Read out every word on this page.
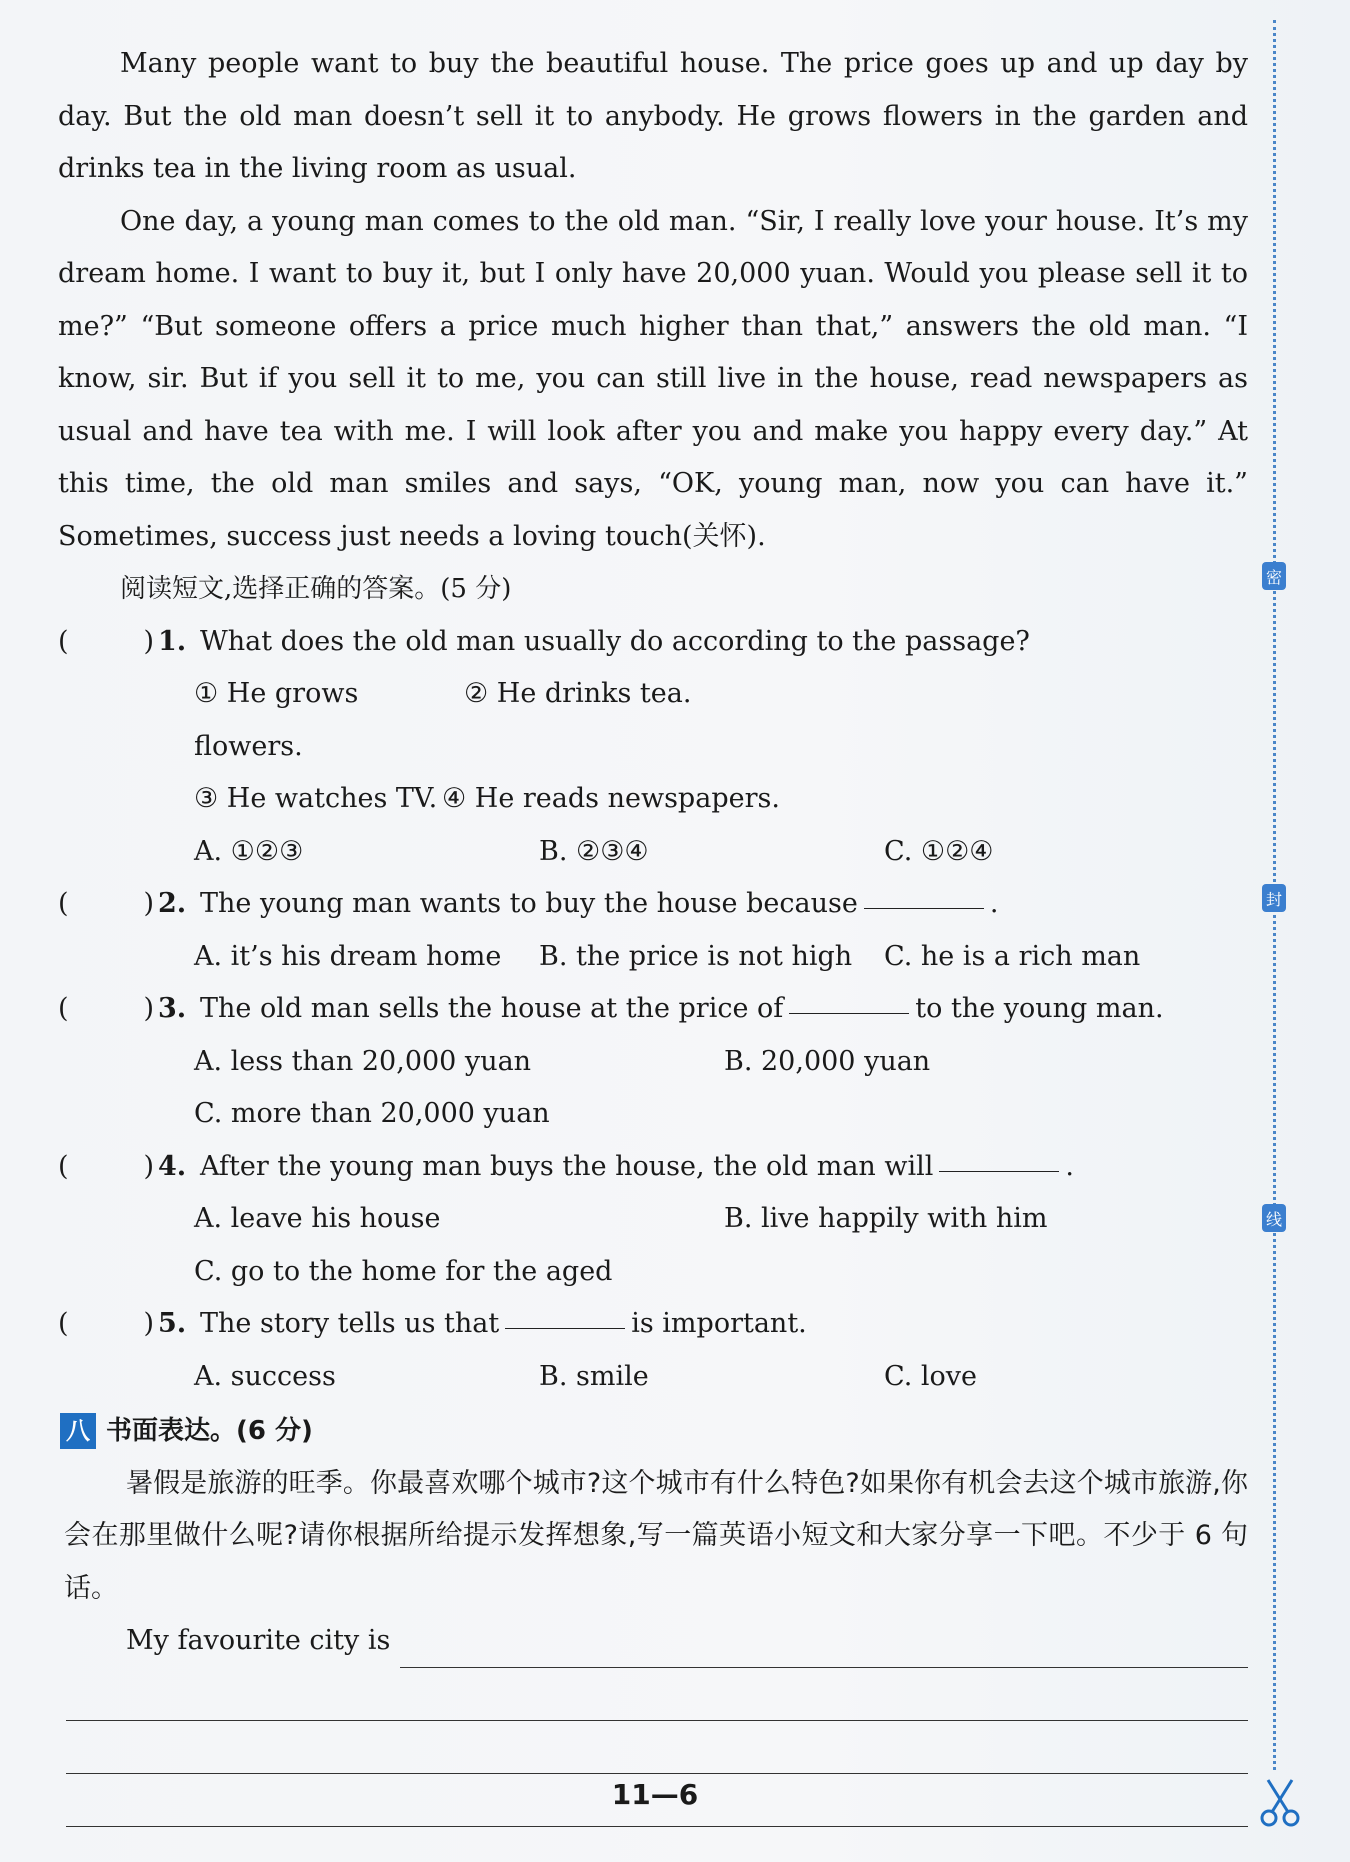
密
封
线

Many people want to buy the beautiful house. The price goes up and up day by day. But the old man doesn’t sell it to anybody. He grows flowers in the garden and drinks tea in the living room as usual.

One day, a young man comes to the old man. “Sir, I really love your house. It’s my dream home. I want to buy it, but I only have 20,000 yuan. Would you please sell it to me?” “But someone offers a price much higher than that,” answers the old man. “I know, sir. But if you sell it to me, you can still live in the house, read newspapers as usual and have tea with me. I will look after you and make you happy every day.” At this time, the old man smiles and says, “OK, young man, now you can have it.” Sometimes, success just needs a loving touch(关怀).

阅读短文,选择正确的答案。(5 分)

(	) 1. What does the old man usually do according to the passage?
① He grows flowers.
② He drinks tea.
③ He watches TV. ④ He reads newspapers.
A. ①②③	B. ②③④	C. ①②④
(	) 2. The young man wants to buy the house because	.
A. it’s his dream home	B. the price is not high	C. he is a rich man
(	) 3. The old man sells the house at the price of	to the young man.
A. less than 20,000 yuan	B. 20,000 yuan
C. more than 20,000 yuan
(	) 4. After the young man buys the house, the old man will	.
A. leave his house	B. live happily with him
C. go to the home for the aged
(	) 5. The story tells us that	is important.
A. success	B. smile	C. love
八 书面表达。(6 分)

暑假是旅游的旺季。你最喜欢哪个城市?这个城市有什么特色?如果你有机会去这个城市旅游,你会在那里做什么呢?请你根据所给提示发挥想象,写一篇英语小短文和大家分享一下吧。不少于 6 句话。

My favourite city is
11—6
